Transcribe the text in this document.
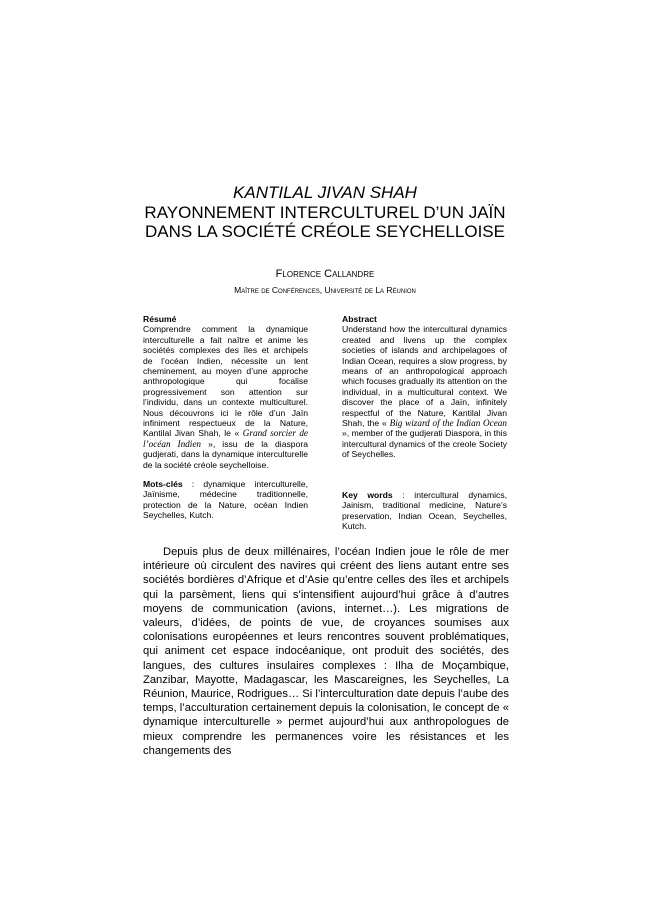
KANTILAL JIVAN SHAH
RAYONNEMENT INTERCULTUREL D’UN JAÏN
DANS LA SOCIÉTÉ CRÉOLE SEYCHELLOISE
Florence Callandre
Maître de Conférences, Université de La Réunion

Résumé

Comprendre comment la dynamique interculturelle a fait naître et anime les sociétés complexes des îles et archipels de l’océan Indien, nécessite un lent cheminement, au moyen d’une approche anthropologique qui focalise progressivement son attention sur l’individu, dans un contexte multiculturel. Nous découvrons ici le rôle d’un Jaïn infiniment respectueux de la Nature, Kantilal Jivan Shah, le « Grand sorcier de l’océan Indien », issu de la diaspora gudjerati, dans la dynamique interculturelle de la société créole seychelloise.

Mots-clés : dynamique interculturelle, Jaïnisme, médecine traditionnelle, protection de la Nature, océan Indien Seychelles, Kutch.

Abstract

Understand how the intercultural dynamics created and livens up the complex societies of islands and archipelagoes of Indian Ocean, requires a slow progress, by means of an anthropological approach which focuses gradually its attention on the individual, in a multicultural context. We discover the place of a Jaïn, infinitely respectful of the Nature, Kantilal Jivan Shah, the « Big wizard of the Indian Ocean », member of the gudjerati Diaspora, in this intercultural dynamics of the creole Society of Seychelles.

Key words : intercultural dynamics, Jainism, traditional medicine, Nature’s preservation, Indian Ocean, Seychelles, Kutch.

Depuis plus de deux millénaires, l’océan Indien joue le rôle de mer intérieure où circulent des navires qui créent des liens autant entre ses sociétés bordières d’Afrique et d’Asie qu’entre celles des îles et archipels qui la parsèment, liens qui s’intensifient aujourd’hui grâce à d’autres moyens de communication (avions, internet…). Les migrations de valeurs, d’idées, de points de vue, de croyances soumises aux colonisations européennes et leurs rencontres souvent problématiques, qui animent cet espace indocéanique, ont produit des sociétés, des langues, des cultures insulaires complexes : Ilha de Moçambique, Zanzibar, Mayotte, Madagascar, les Mascareignes, les Seychelles, La Réunion, Maurice, Rodrigues… Si l’interculturation date depuis l’aube des temps, l’acculturation certainement depuis la colonisation, le concept de « dynamique interculturelle » permet aujourd’hui aux anthropologues de mieux comprendre les permanences voire les résistances et les changements des
